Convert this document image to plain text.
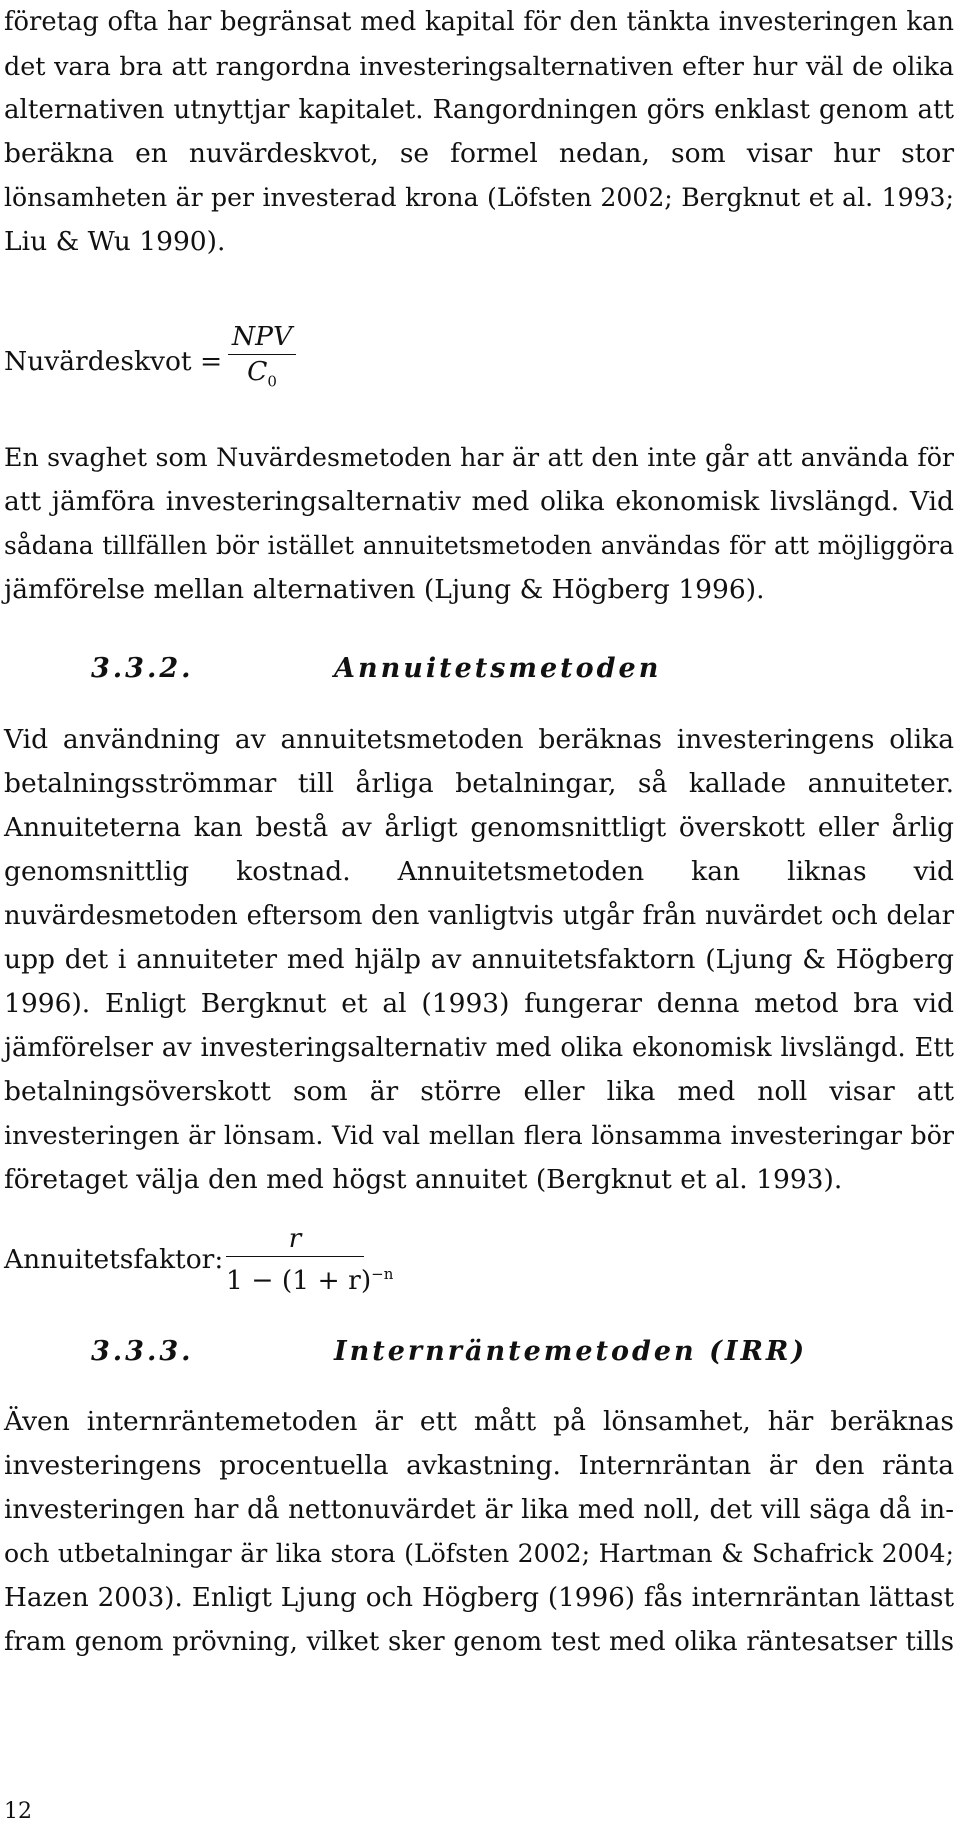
företag ofta har begränsat med kapital för den tänkta investeringen kan
det vara bra att rangordna investeringsalternativen efter hur väl de olika
alternativen utnyttjar kapitalet. Rangordningen görs enklast genom att
beräkna en nuvärdeskvot, se formel nedan, som visar hur stor
lönsamheten är per investerad krona (Löfsten 2002; Bergknut et al. 1993;
Liu & Wu 1990).

Nuvärdeskvot =
NPV
$C_0$

En svaghet som Nuvärdesmetoden har är att den inte går att använda för
att jämföra investeringsalternativ med olika ekonomisk livslängd. Vid
sådana tillfällen bör istället annuitetsmetoden användas för att möjliggöra
jämförelse mellan alternativen (Ljung & Högberg 1996).

3.3.2.	Annuitetsmetoden

Vid användning av annuitetsmetoden beräknas investeringens olika
betalningsströmmar till årliga betalningar, så kallade annuiteter.
Annuiteterna kan bestå av årligt genomsnittligt överskott eller årlig
genomsnittlig kostnad. Annuitetsmetoden kan liknas vid
nuvärdesmetoden eftersom den vanligtvis utgår från nuvärdet och delar
upp det i annuiteter med hjälp av annuitetsfaktorn (Ljung & Högberg
1996). Enligt Bergknut et al (1993) fungerar denna metod bra vid
jämförelser av investeringsalternativ med olika ekonomisk livslängd. Ett
betalningsöverskott som är större eller lika med noll visar att
investeringen är lönsam. Vid val mellan flera lönsamma investeringar bör
företaget välja den med högst annuitet (Bergknut et al. 1993).

Annuitetsfaktor:
r
$1 - (1 + r)^{-n}$
3.3.3.	Internräntemetoden (IRR)

Även internräntemetoden är ett mått på lönsamhet, här beräknas
investeringens procentuella avkastning. Internräntan är den ränta
investeringen har då nettonuvärdet är lika med noll, det vill säga då in-
och utbetalningar är lika stora (Löfsten 2002; Hartman & Schafrick 2004;
Hazen 2003). Enligt Ljung och Högberg (1996) fås internräntan lättast
fram genom prövning, vilket sker genom test med olika räntesatser tills

12
